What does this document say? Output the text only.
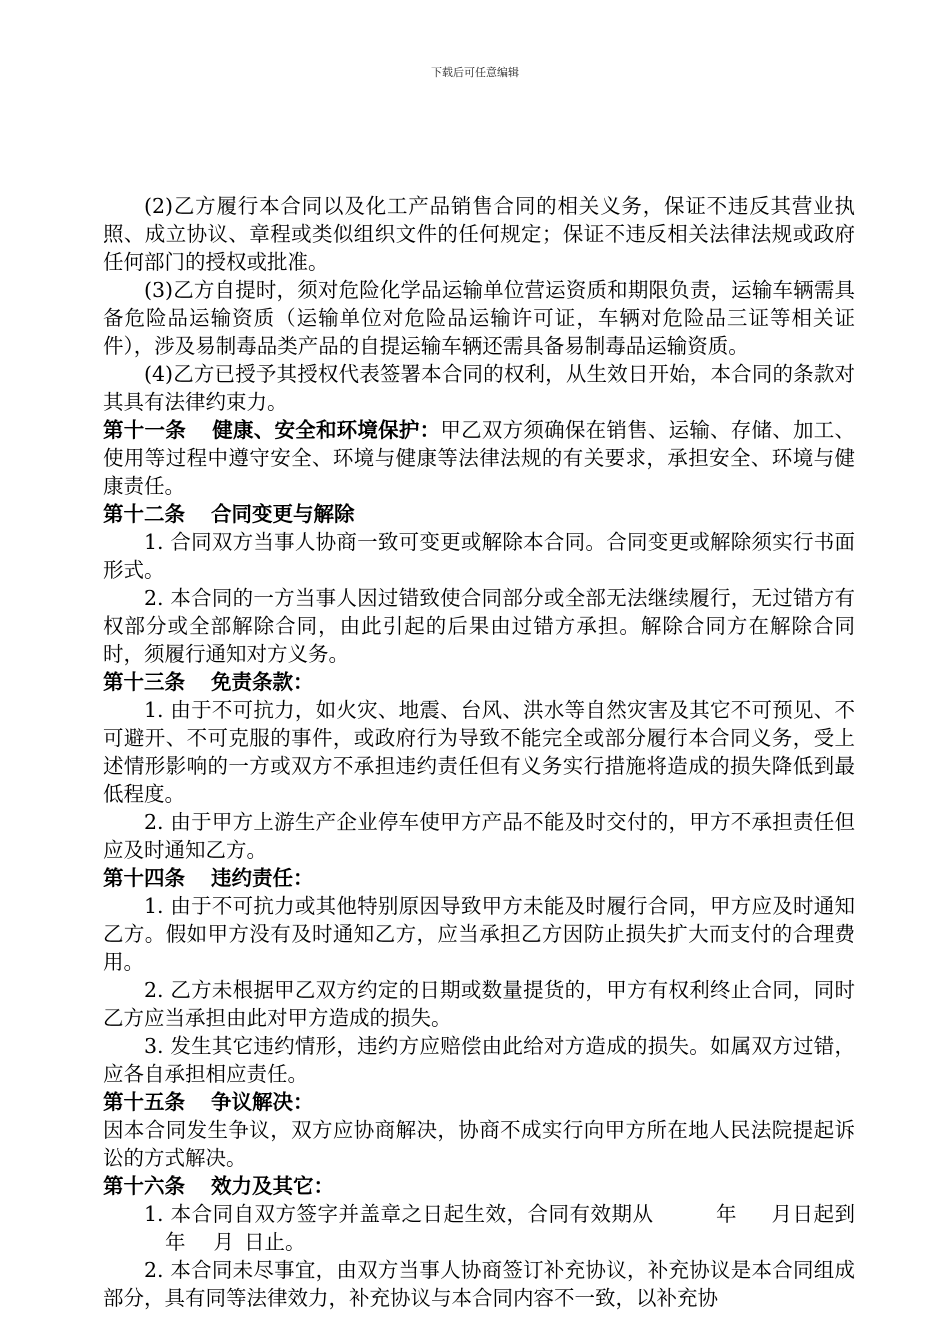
下载后可任意编辑

(2)乙方履行本合同以及化工产品销售合同的相关义务，保证不违反其营业执照、成立协议、章程或类似组织文件的任何规定；保证不违反相关法律法规或政府任何部门的授权或批准。

(3)乙方自提时，须对危险化学品运输单位营运资质和期限负责，运输车辆需具备危险品运输资质（运输单位对危险品运输许可证，车辆对危险品三证等相关证件），涉及易制毒品类产品的自提运输车辆还需具备易制毒品运输资质。

(4)乙方已授予其授权代表签署本合同的权利，从生效日开始，本合同的条款对其具有法律约束力。

第十一条 健康、安全和环境保护：甲乙双方须确保在销售、运输、存储、加工、使用等过程中遵守安全、环境与健康等法律法规的有关要求，承担安全、环境与健康责任。

第十二条 合同变更与解除

1. 合同双方当事人协商一致可变更或解除本合同。合同变更或解除须实行书面形式。

2. 本合同的一方当事人因过错致使合同部分或全部无法继续履行，无过错方有权部分或全部解除合同，由此引起的后果由过错方承担。解除合同方在解除合同时，须履行通知对方义务。

第十三条 免责条款：

1. 由于不可抗力，如火灾、地震、台风、洪水等自然灾害及其它不可预见、不可避开、不可克服的事件，或政府行为导致不能完全或部分履行本合同义务，受上述情形影响的一方或双方不承担违约责任但有义务实行措施将造成的损失降低到最低程度。

2. 由于甲方上游生产企业停车使甲方产品不能及时交付的，甲方不承担责任但应及时通知乙方。

第十四条 违约责任：

1. 由于不可抗力或其他特别原因导致甲方未能及时履行合同，甲方应及时通知乙方。假如甲方没有及时通知乙方，应当承担乙方因防止损失扩大而支付的合理费用。

2. 乙方未根据甲乙双方约定的日期或数量提货的，甲方有权利终止合同，同时乙方应当承担由此对甲方造成的损失。

3. 发生其它违约情形，违约方应赔偿由此给对方造成的损失。如属双方过错，应各自承担相应责任。

第十五条 争议解决：

因本合同发生争议，双方应协商解决，协商不成实行向甲方所在地人民法院提起诉讼的方式解决。

第十六条 效力及其它：

1. 本合同自双方签字并盖章之日起生效，合同有效期从	年 月日起到年 月 日止。

2. 本合同未尽事宜，由双方当事人协商签订补充协议，补充协议是本合同组成部分，具有同等法律效力，补充协议与本合同内容不一致，以补充协
